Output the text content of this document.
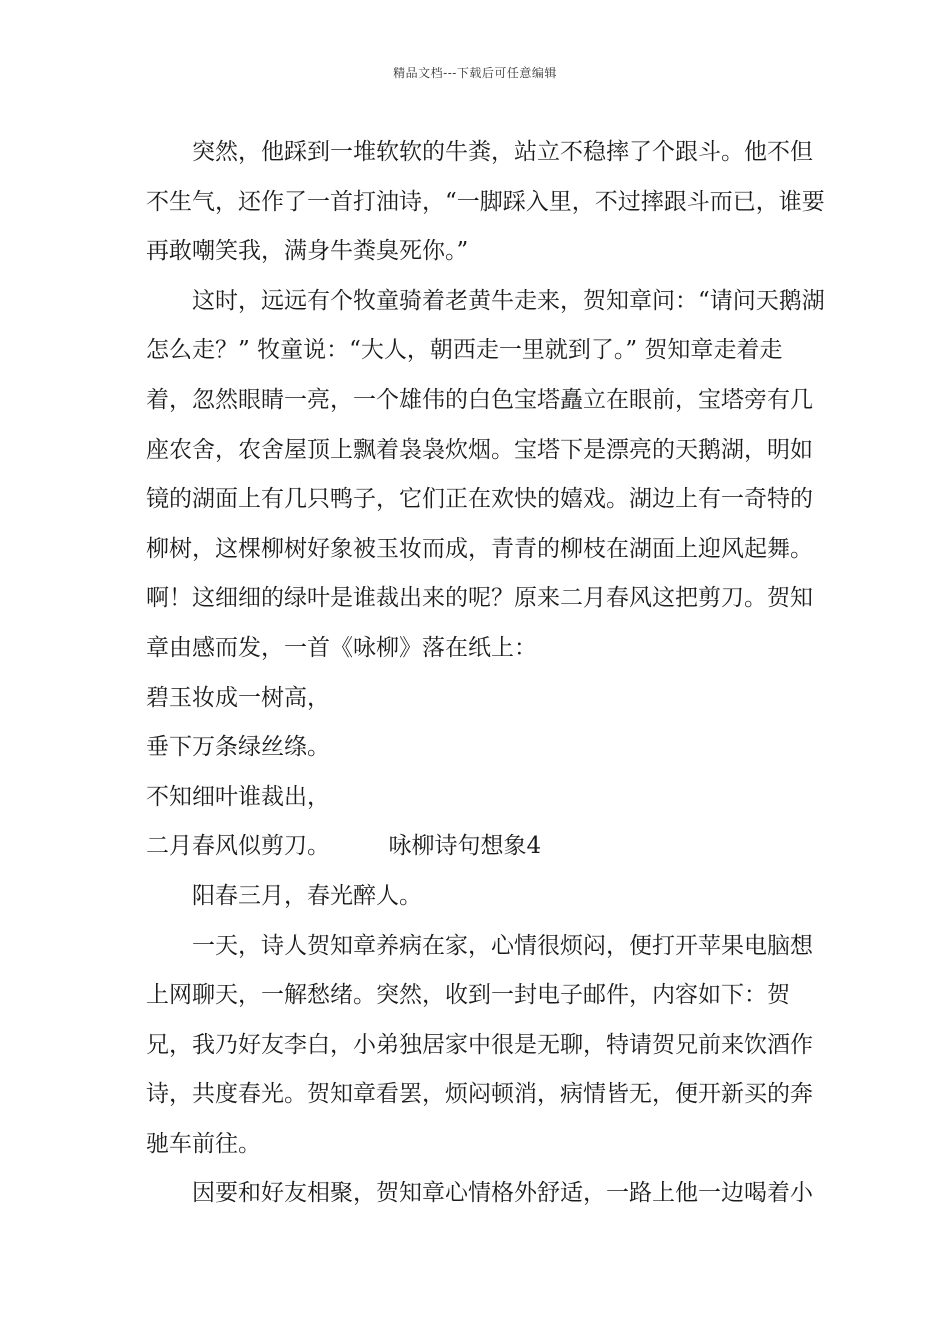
精品文档---下载后可任意编辑

突然，他踩到一堆软软的牛粪，站立不稳摔了个跟斗。他不但不生气，还作了一首打油诗，“一脚踩入里，不过摔跟斗而已，谁要再敢嘲笑我，满身牛粪臭死你。”

这时，远远有个牧童骑着老黄牛走来，贺知章问：“请问天鹅湖怎么走？” 牧童说：“大人，朝西走一里就到了。” 贺知章走着走着，忽然眼睛一亮，一个雄伟的白色宝塔矗立在眼前，宝塔旁有几座农舍，农舍屋顶上飘着袅袅炊烟。宝塔下是漂亮的天鹅湖，明如镜的湖面上有几只鸭子，它们正在欢快的嬉戏。湖边上有一奇特的柳树，这棵柳树好象被玉妆而成，青青的柳枝在湖面上迎风起舞。啊！这细细的绿叶是谁裁出来的呢？原来二月春风这把剪刀。贺知章由感而发，一首《咏柳》落在纸上：

碧玉妆成一树高，

垂下万条绿丝绦。

不知细叶谁裁出，

二月春风似剪刀。        咏柳诗句想象4

阳春三月，春光醉人。

一天，诗人贺知章养病在家，心情很烦闷，便打开苹果电脑想上网聊天，一解愁绪。突然，收到一封电子邮件，内容如下：贺兄，我乃好友李白，小弟独居家中很是无聊，特请贺兄前来饮酒作诗，共度春光。贺知章看罢，烦闷顿消，病情皆无，便开新买的奔驰车前往。

因要和好友相聚，贺知章心情格外舒适，一路上他一边喝着小
